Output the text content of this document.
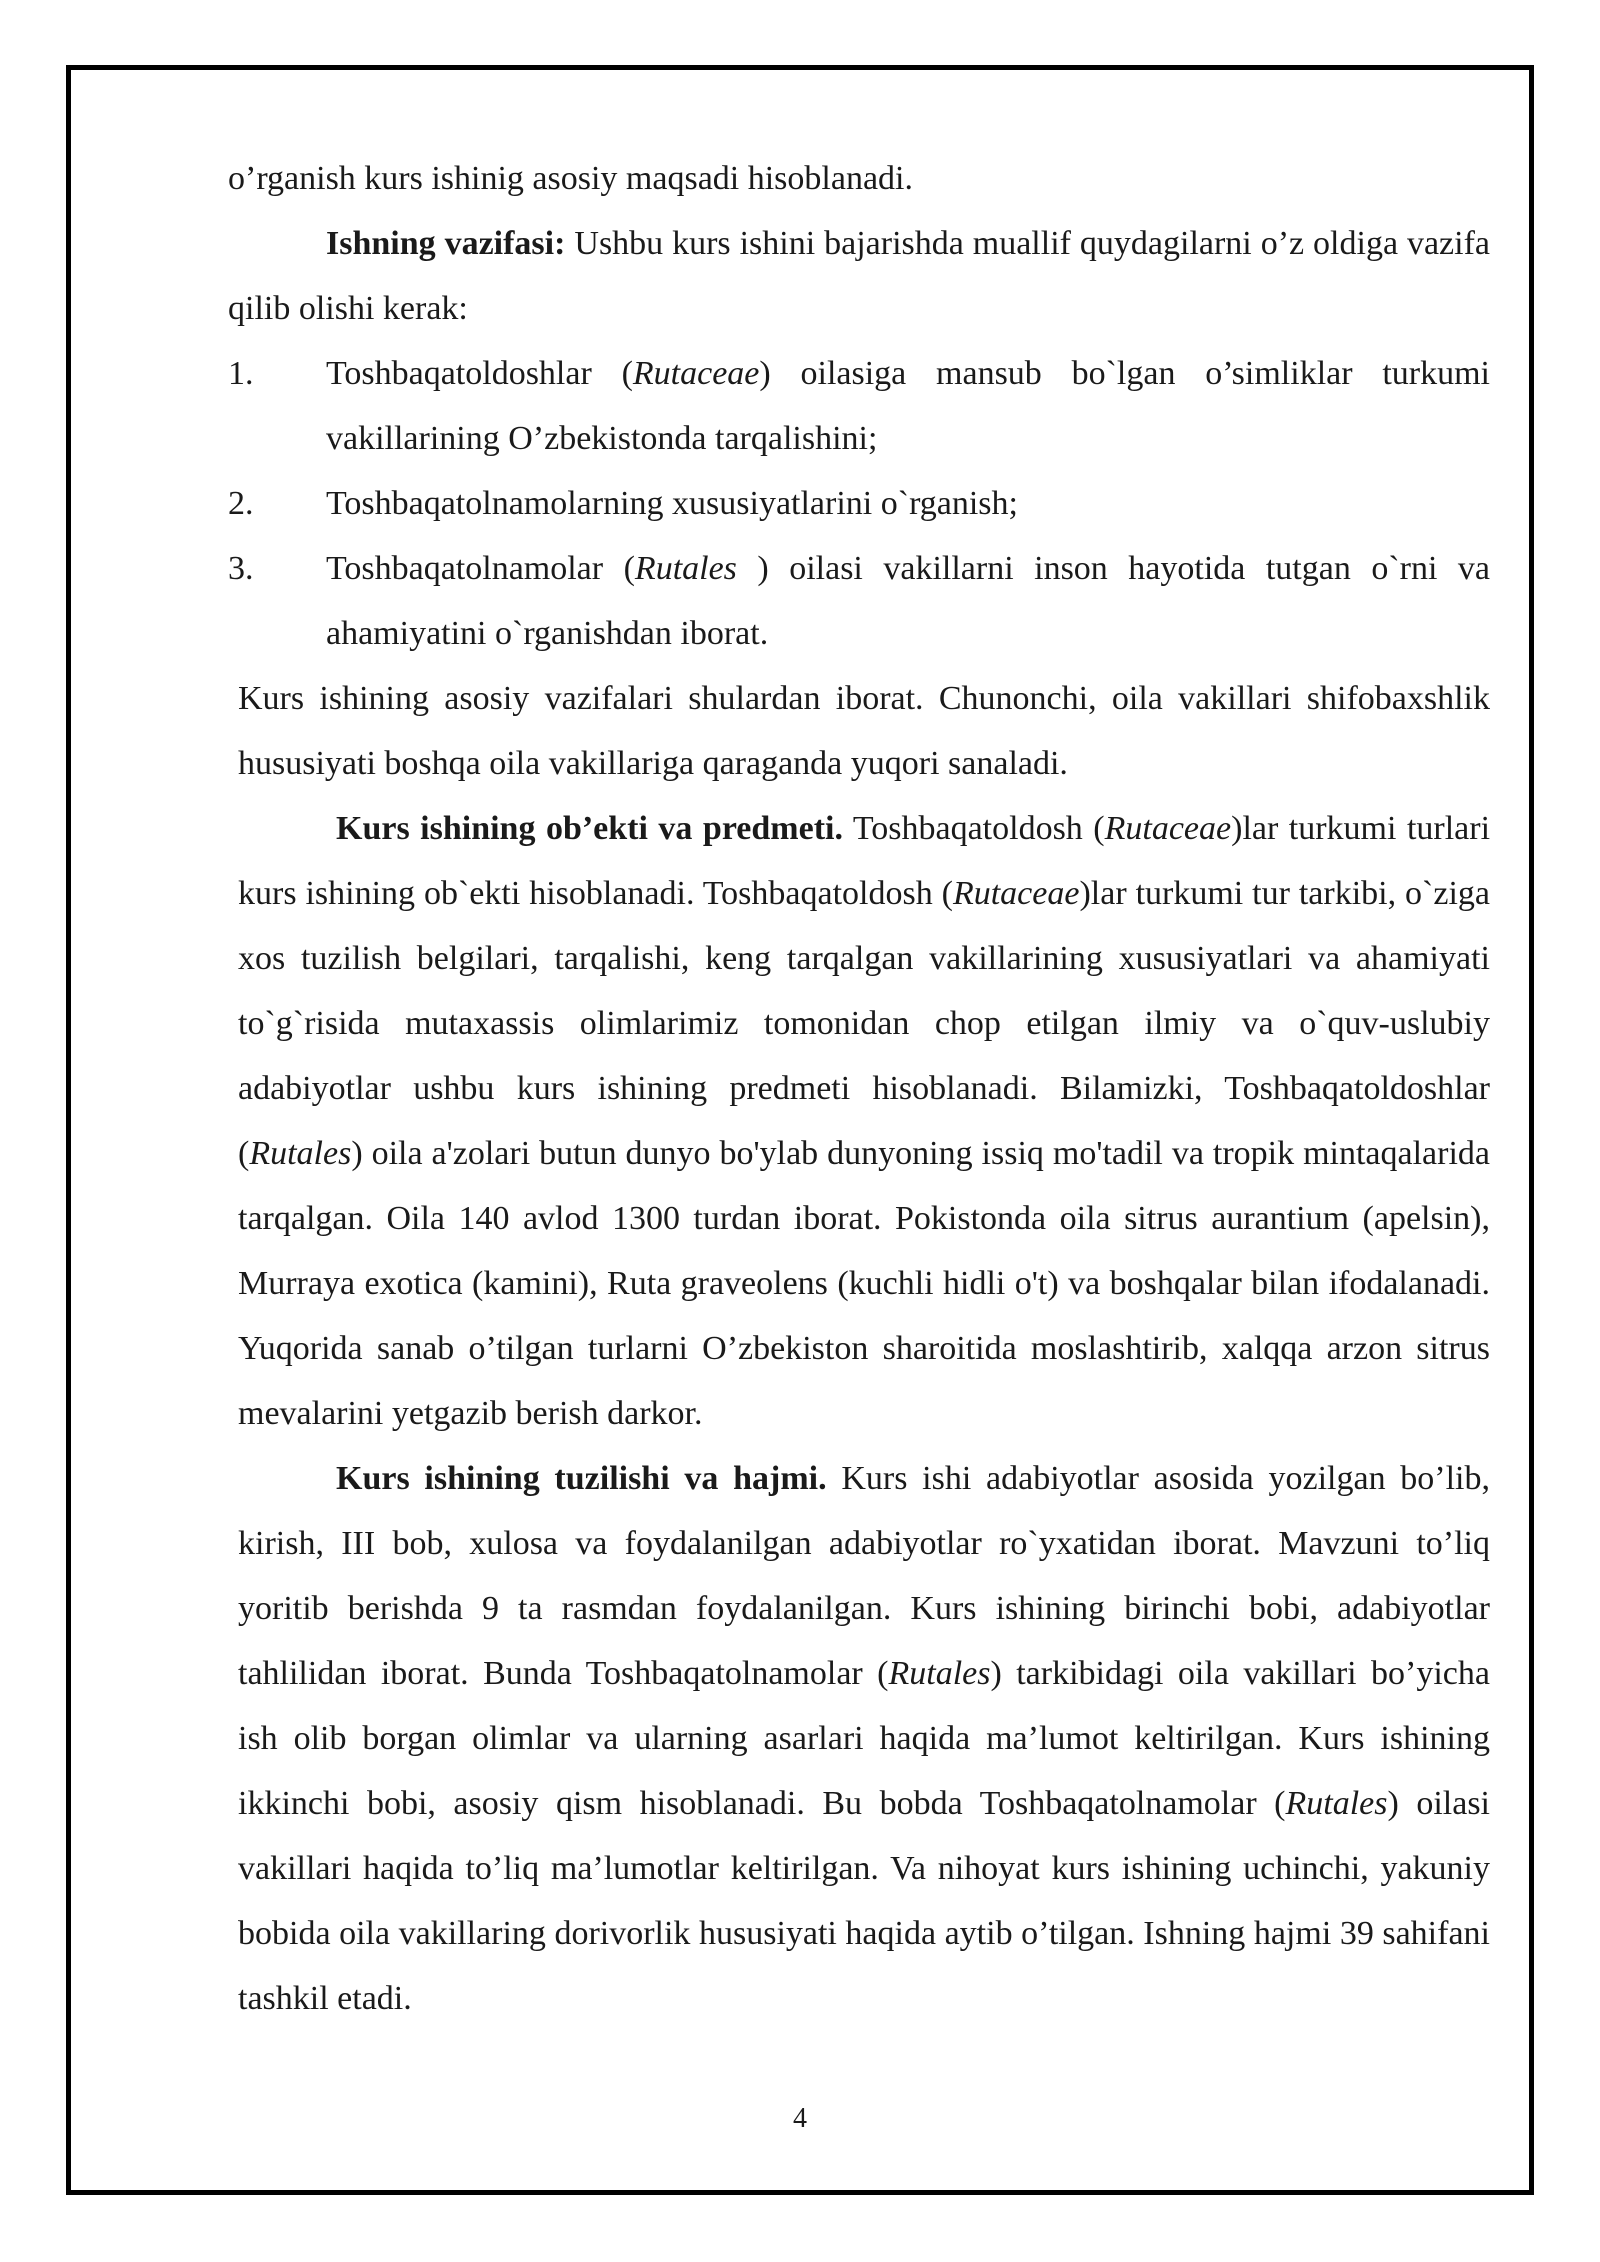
o’rganish kurs ishinig asosiy maqsadi hisoblanadi.

Ishning vazifasi: Ushbu kurs ishini bajarishda muallif quydagilarni o’z oldiga vazifa qilib olishi kerak:

1.	Toshbaqatoldoshlar (Rutaceae) oilasiga mansub bo`lgan o’simliklar turkumi vakillarining O’zbekistonda tarqalishini;
2.	Toshbaqatolnamolarning xususiyatlarini o`rganish;
3.	Toshbaqatolnamolar (Rutales ) oilasi vakillarni inson hayotida tutgan o`rni va ahamiyatini o`rganishdan iborat.

Kurs ishining asosiy vazifalari shulardan iborat. Chunonchi, oila vakillari shifobaxshlik hususiyati boshqa oila vakillariga qaraganda yuqori sanaladi.

Kurs ishining ob’ekti va predmeti. Toshbaqatoldosh (Rutaceae)lar turkumi turlari kurs ishining ob`ekti hisoblanadi. Toshbaqatoldosh (Rutaceae)lar turkumi tur tarkibi, o`ziga xos tuzilish belgilari, tarqalishi, keng tarqalgan vakillarining xususiyatlari va ahamiyati to`g`risida mutaxassis olimlarimiz tomonidan chop etilgan ilmiy va o`quv-uslubiy adabiyotlar ushbu kurs ishining predmeti hisoblanadi. Bilamizki, Toshbaqatoldoshlar (Rutales) oila a'zolari butun dunyo bo'ylab dunyoning issiq mo'tadil va tropik mintaqalarida tarqalgan. Oila 140 avlod 1300 turdan iborat. Pokistonda oila sitrus aurantium (apelsin), Murraya exotica (kamini), Ruta graveolens (kuchli hidli o't) va boshqalar bilan ifodalanadi. Yuqorida sanab o’tilgan turlarni O’zbekiston sharoitida moslashtirib, xalqqa arzon sitrus mevalarini yetgazib berish darkor.

Kurs ishining tuzilishi va hajmi. Kurs ishi adabiyotlar asosida yozilgan bo’lib, kirish, III bob, xulosa va foydalanilgan adabiyotlar ro`yxatidan iborat. Mavzuni to’liq yoritib berishda 9 ta rasmdan foydalanilgan. Kurs ishining birinchi bobi, adabiyotlar tahlilidan iborat. Bunda Toshbaqatolnamolar (Rutales) tarkibidagi oila vakillari bo’yicha ish olib borgan olimlar va ularning asarlari haqida ma’lumot keltirilgan. Kurs ishining ikkinchi bobi, asosiy qism hisoblanadi. Bu bobda Toshbaqatolnamolar (Rutales) oilasi vakillari haqida to’liq ma’lumotlar keltirilgan. Va nihoyat kurs ishining uchinchi, yakuniy bobida oila vakillaring dorivorlik hususiyati haqida aytib o’tilgan. Ishning hajmi 39 sahifani tashkil etadi.

4
